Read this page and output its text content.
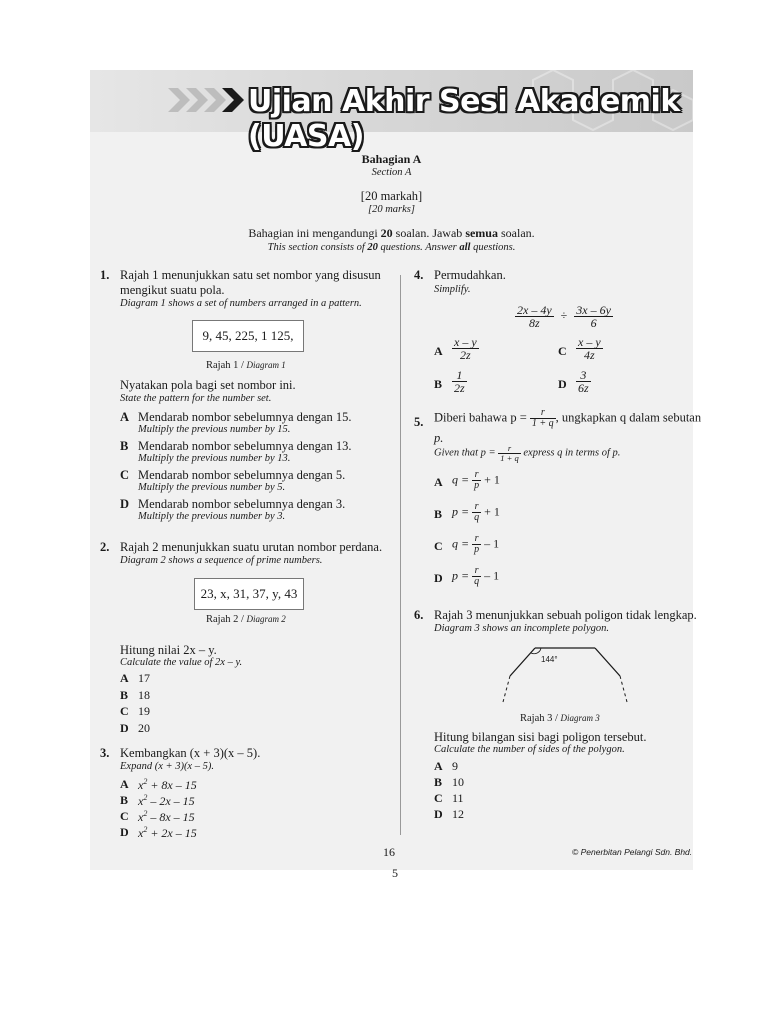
Ujian Akhir Sesi Akademik (UASA)
Bahagian A
Section A
[20 markah]
[20 marks]
Bahagian ini mengandungi 20 soalan. Jawab semua soalan.
This section consists of 20 questions. Answer all questions.
1. Rajah 1 menunjukkan satu set nombor yang disusun
mengikut suatu pola.
Diagram 1 shows a set of numbers arranged in a pattern.
9, 45, 225, 1 125,
Rajah 1 / Diagram 1
Nyatakan pola bagi set nombor ini.
State the pattern for the number set.
A Mendarab nombor sebelumnya dengan 15.
Multiply the previous number by 15.
B Mendarab nombor sebelumnya dengan 13.
Multiply the previous number by 13.
C Mendarab nombor sebelumnya dengan 5.
Multiply the previous number by 5.
D Mendarab nombor sebelumnya dengan 3.
Multiply the previous number by 3.
2. Rajah 2 menunjukkan suatu urutan nombor perdana.
Diagram 2 shows a sequence of prime numbers.
23, x, 31, 37, y, 43
Rajah 2 / Diagram 2
Hitung nilai 2x – y.
Calculate the value of 2x – y.
A 17
B 18
C 19
D 20
3. Kembangkan (x + 3)(x – 5).
Expand (x + 3)(x – 5).
A $x^2 + 8x - 15$
B $x^2 - 2x - 15$
C $x^2 - 8x - 15$
D $x^2 + 2x - 15$
4. Permudahkan.
Simplify.
$\frac{2x - 4y}{8z} \div \frac{3x - 6y}{6}$
A $\frac{x - y}{2z}$	C $\frac{x - y}{4z}$
B $\frac{1}{2z}$	D $\frac{3}{6z}$
5. Diberi bahawa $p = \frac{r}{1 + q}$ , ungkapkan q dalam sebutan
p.
Given that $p = \frac{r}{1 + q}$ express q in terms of p.
A $q = \frac{r}{p} + 1$
B $p = \frac{r}{q} + 1$
C $q = \frac{r}{p} - 1$
D $p = \frac{r}{q} - 1$
6. Rajah 3 menunjukkan sebuah poligon tidak lengkap.
Diagram 3 shows an incomplete polygon.
144°
Rajah 3 / Diagram 3
Hitung bilangan sisi bagi poligon tersebut.
Calculate the number of sides of the polygon.
A 9
B 10
C 11
D 12
16	© Penerbitan Pelangi Sdn. Bhd.
5
